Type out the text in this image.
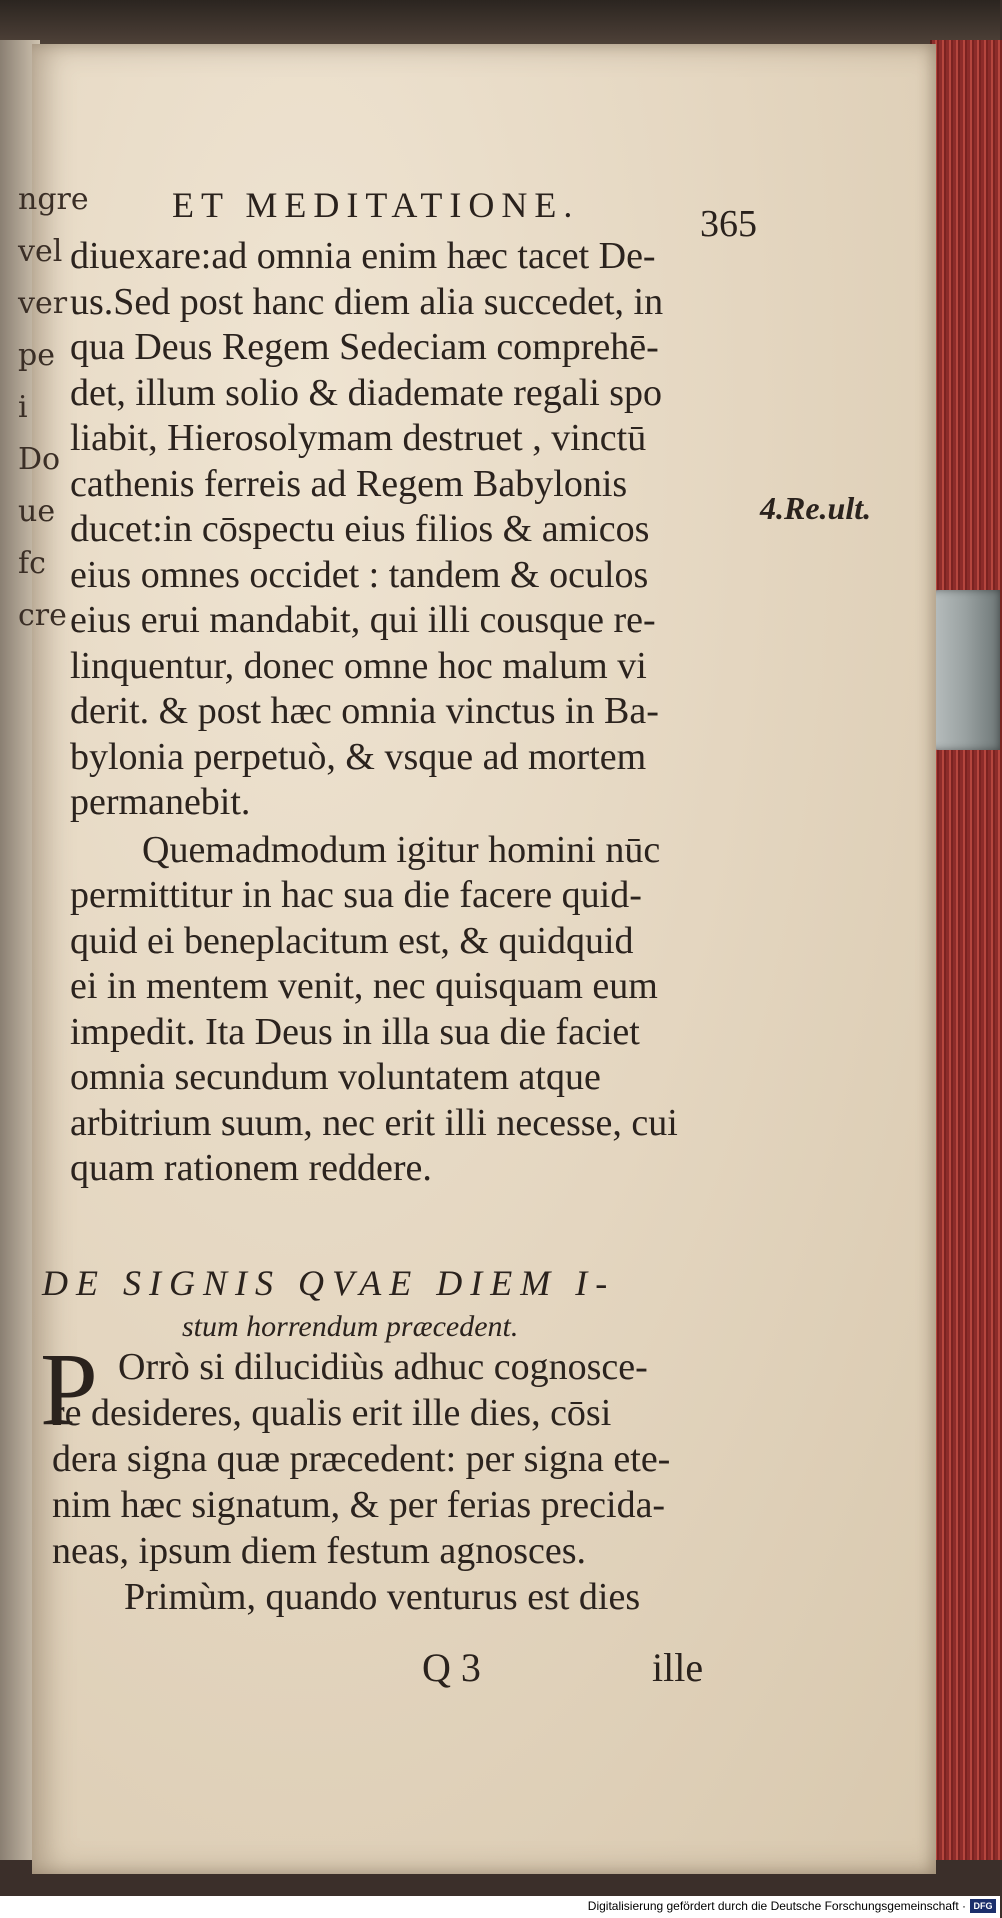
ngre
vel
ver
pe
i
Do
ue
fc
cre
ET MEDITATIONE.	365
diuexare:ad omnia enim hæc tacet De-
us.Sed post hanc diem alia succedet, in
qua Deus Regem Sedeciam comprehē-
det, illum solio & diademate regali spo
liabit, Hierosolymam destruet , vinctū
cathenis ferreis ad Regem Babylonis
ducet:in cōspectu eius filios & amicos
eius omnes occidet : tandem & oculos
eius erui mandabit, qui illi cousque re-
linquentur, donec omne hoc malum vi
derit. & post hæc omnia vinctus in Ba-
bylonia perpetuò, & vsque ad mortem
permanebit.
Quemadmodum igitur homini nūc
permittitur in hac sua die facere quid-
quid ei beneplacitum est, & quidquid
ei in mentem venit, nec quisquam eum
impedit. Ita Deus in illa sua die faciet
omnia secundum voluntatem atque
arbitrium suum, nec erit illi necesse, cui
quam rationem reddere.
4.Re.ult.
DE SIGNIS QVAE DIEM I-
stum horrendum præcedent.
P Orrò si dilucidiùs adhuc cognosce-
re desideres, qualis erit ille dies, cōsi
dera signa quæ præcedent: per signa ete-
nim hæc signatum, & per ferias precida-
neas, ipsum diem festum agnosces.
Primùm, quando venturus est dies
Q 3	ille
Digitalisierung gefördert durch die Deutsche Forschungsgemeinschaft · DFG
